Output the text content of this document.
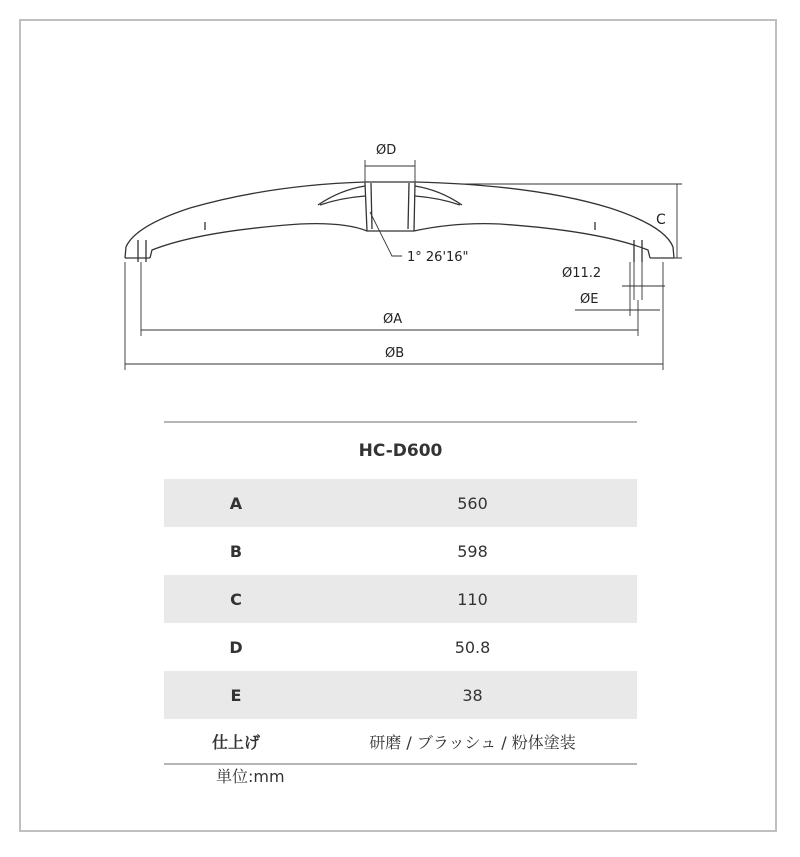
ØD
C
1° 26'16"
Ø11.2
ØE
ØA
ØB
HC-D600	
A	560
B	598
C	110
D	50.8
E	38
仕上げ	研磨 / ブラッシュ / 粉体塗装
単位:mm
